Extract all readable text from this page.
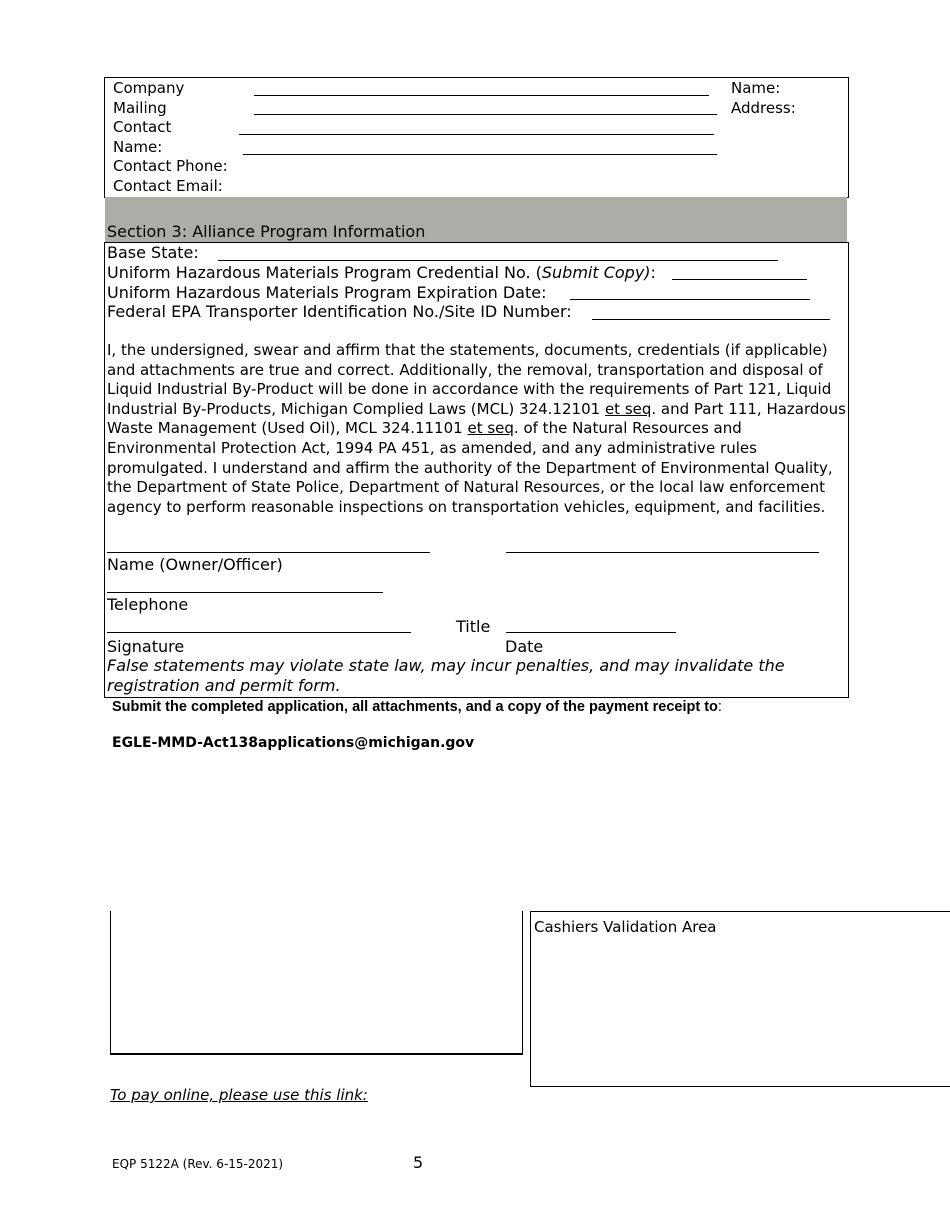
Company
Mailing
Contact
Name:
Contact Phone:
Contact Email:
Name:
Address:
Section 3: Alliance Program Information
Base State:
Uniform Hazardous Materials Program Credential No. (Submit Copy):
Uniform Hazardous Materials Program Expiration Date:
Federal EPA Transporter Identification No./Site ID Number:
I, the undersigned, swear and affirm that the statements, documents, credentials (if applicable) and attachments are true and correct. Additionally, the removal, transportation and disposal of Liquid Industrial By-Product will be done in accordance with the requirements of Part 121, Liquid Industrial By-Products, Michigan Complied Laws (MCL) 324.12101 et seq. and Part 111, Hazardous Waste Management (Used Oil), MCL 324.11101 et seq. of the Natural Resources and Environmental Protection Act, 1994 PA 451, as amended, and any administrative rules promulgated. I understand and affirm the authority of the Department of Environmental Quality, the Department of State Police, Department of Natural Resources, or the local law enforcement agency to perform reasonable inspections on transportation vehicles, equipment, and facilities.
Name (Owner/Officer)
Telephone
Title
Signature	Date
False statements may violate state law, may incur penalties, and may invalidate the registration and permit form.
Submit the completed application, all attachments, and a copy of the payment receipt to:
EGLE-MMD-Act138applications@michigan.gov
Cashiers Validation Area
To pay online, please use this link:
EQP 5122A (Rev. 6-15-2021)	5
